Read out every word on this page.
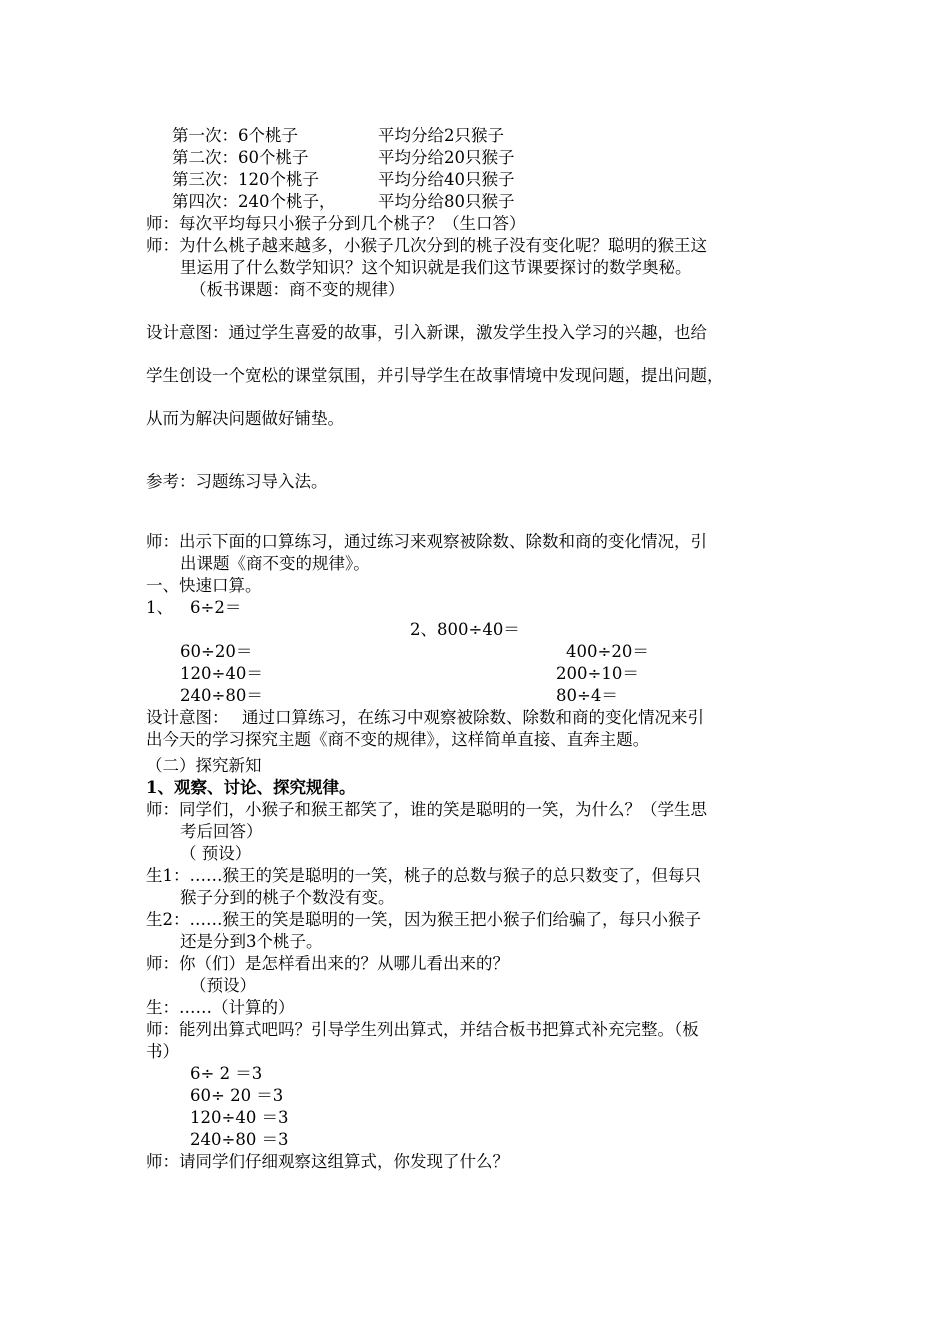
第一次：6个桃子	平均分给2只猴子
第二次：60个桃子	平均分给20只猴子
第三次：120个桃子	平均分给40只猴子
第四次：240个桃子，	平均分给80只猴子
师：每次平均每只小猴子分到几个桃子？（生口答）
师：为什么桃子越来越多，小猴子几次分到的桃子没有变化呢？聪明的猴王这
里运用了什么数学知识？这个知识就是我们这节课要探讨的数学奥秘。
（板书课题：商不变的规律）
设计意图：通过学生喜爱的故事，引入新课，激发学生投入学习的兴趣，也给
学生创设一个宽松的课堂氛围，并引导学生在故事情境中发现问题，提出问题，
从而为解决问题做好铺垫。
参考：习题练习导入法。
师：出示下面的口算练习，通过练习来观察被除数、除数和商的变化情况，引
出课题《商不变的规律》。
一、快速口算。
1、 6÷2＝
2、800÷40＝
60÷20＝	400÷20＝
120÷40＝	200÷10＝
240÷80＝	80÷4＝
设计意图：　 通过口算练习，在练习中观察被除数、除数和商的变化情况来引
出今天的学习探究主题《商不变的规律》，这样简单直接、直奔主题。
（二）探究新知
1、观察、讨论、探究规律。
师：同学们，小猴子和猴王都笑了，谁的笑是聪明的一笑，为什么？（学生思
考后回答）
（ 预设）
生1：……猴王的笑是聪明的一笑，桃子的总数与猴子的总只数变了，但每只
猴子分到的桃子个数没有变。
生2：……猴王的笑是聪明的一笑，因为猴王把小猴子们给骗了，每只小猴子
还是分到3个桃子。
师：你（们）是怎样看出来的？从哪儿看出来的？
（预设）
生：……（计算的）
师：能列出算式吧吗？引导学生列出算式，并结合板书把算式补充完整。（板
书）
6÷ 2 ＝3
60÷ 20 ＝3
120÷40 ＝3
240÷80 ＝3
师：请同学们仔细观察这组算式，你发现了什么？
